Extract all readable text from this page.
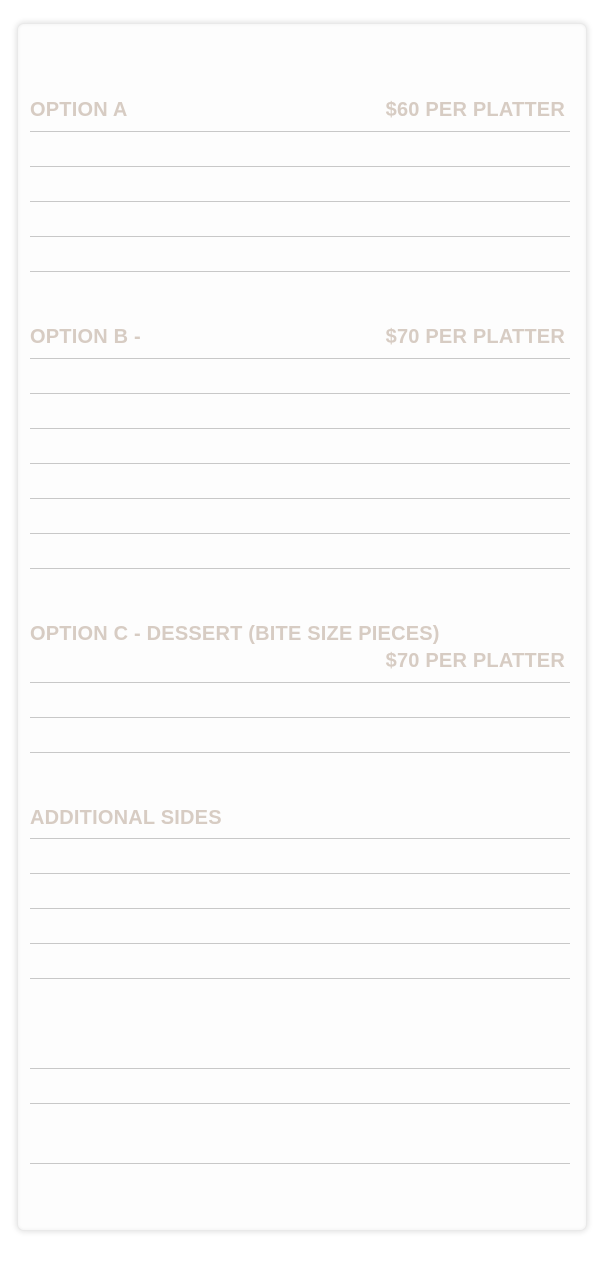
OPTION A	$60 PER PLATTER
OPTION B -	$70 PER PLATTER
OPTION C - DESSERT (BITE SIZE PIECES)
$70 PER PLATTER
ADDITIONAL SIDES
